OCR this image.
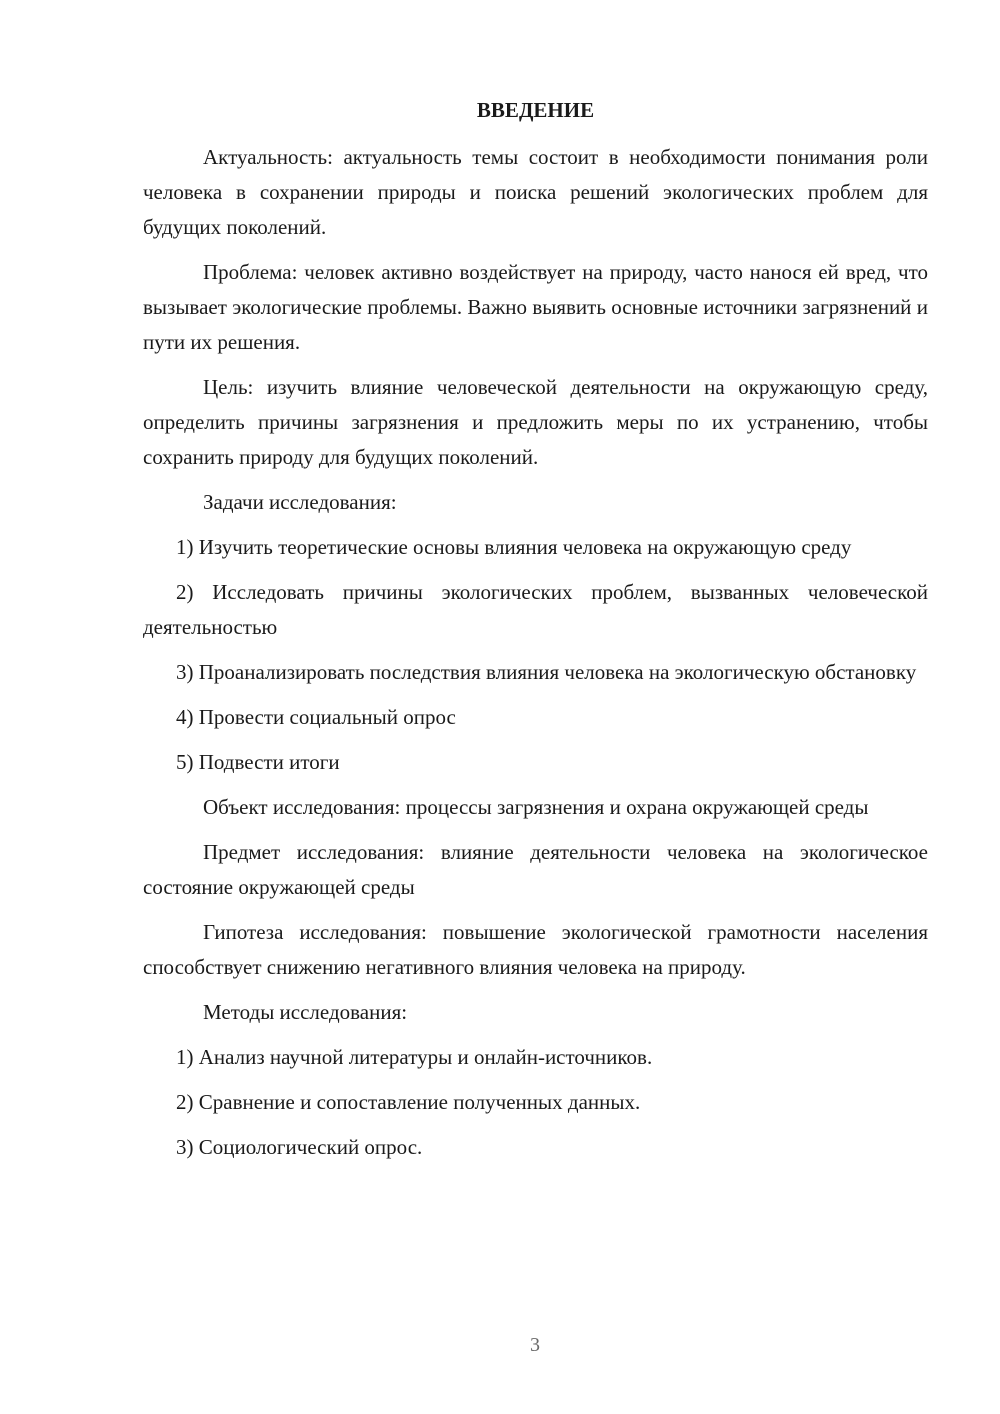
ВВЕДЕНИЕ

Актуальность: актуальность темы состоит в необходимости понимания роли человека в сохранении природы и поиска решений экологических проблем для будущих поколений.

Проблема: человек активно воздействует на природу, часто нанося ей вред, что вызывает экологические проблемы. Важно выявить основные источники загрязнений и пути их решения.

Цель: изучить влияние человеческой деятельности на окружающую среду, определить причины загрязнения и предложить меры по их устранению, чтобы сохранить природу для будущих поколений.

Задачи исследования:

1) Изучить теоретические основы влияния человека на окружающую среду

2) Исследовать причины экологических проблем, вызванных человеческой деятельностью

3) Проанализировать последствия влияния человека на экологическую обстановку

4) Провести социальный опрос

5) Подвести итоги

Объект исследования: процессы загрязнения и охрана окружающей среды

Предмет исследования: влияние деятельности человека на экологическое состояние окружающей среды

Гипотеза исследования: повышение экологической грамотности населения способствует снижению негативного влияния человека на природу.

Методы исследования:

1) Анализ научной литературы и онлайн-источников.

2) Сравнение и сопоставление полученных данных.

3) Социологический опрос.

3
